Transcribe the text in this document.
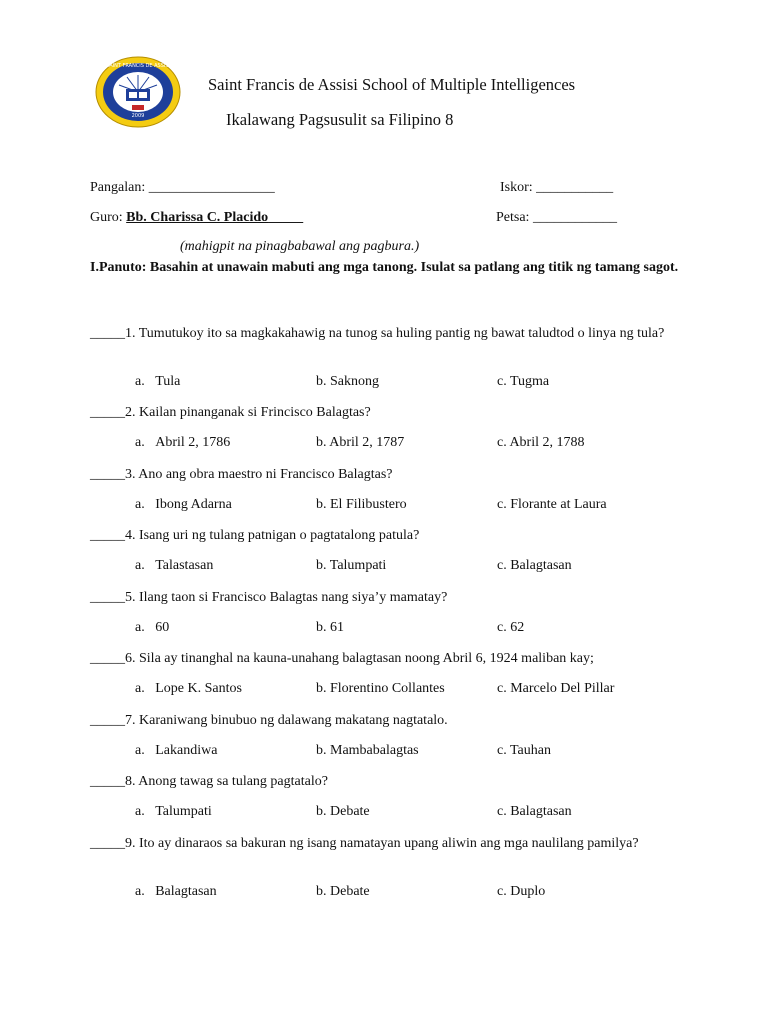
SAINT FRANCIS DE ASSISI
2009
Saint Francis de Assisi School of Multiple Intelligences
Ikalawang Pagsusulit sa Filipino 8
Pangalan: __________________	Iskor: ___________
Guro: Bb. Charissa C. Placido_____	Petsa: ____________
(mahigpit na pinagbabawal ang pagbura.)
I.Panuto: Basahin at unawain mabuti ang mga tanong. Isulat sa patlang ang titik ng tamang sagot.
_____1. Tumutukoy ito sa magkakahawig na tunog sa huling pantig ng bawat taludtod o linya ng tula?
a. Tula	b. Saknong	c. Tugma
_____2. Kailan pinanganak si Frincisco Balagtas?
a. Abril 2, 1786	b. Abril 2, 1787	c. Abril 2, 1788
_____3. Ano ang obra maestro ni Francisco Balagtas?
a. Ibong Adarna	b. El Filibustero	c. Florante at Laura
_____4. Isang uri ng tulang patnigan o pagtatalong patula?
a. Talastasan	b. Talumpati	c. Balagtasan
_____5. Ilang taon si Francisco Balagtas nang siya’y mamatay?
a. 60	b. 61	c. 62
_____6. Sila ay tinanghal na kauna-unahang balagtasan noong Abril 6, 1924 maliban kay;
a. Lope K. Santos	b. Florentino Collantes	c. Marcelo Del Pillar
_____7. Karaniwang binubuo ng dalawang makatang nagtatalo.
a. Lakandiwa	b. Mambabalagtas	c. Tauhan
_____8. Anong tawag sa tulang pagtatalo?
a. Talumpati	b. Debate	c. Balagtasan
_____9. Ito ay dinaraos sa bakuran ng isang namatayan upang aliwin ang mga naulilang pamilya?
a. Balagtasan	b. Debate	c. Duplo
